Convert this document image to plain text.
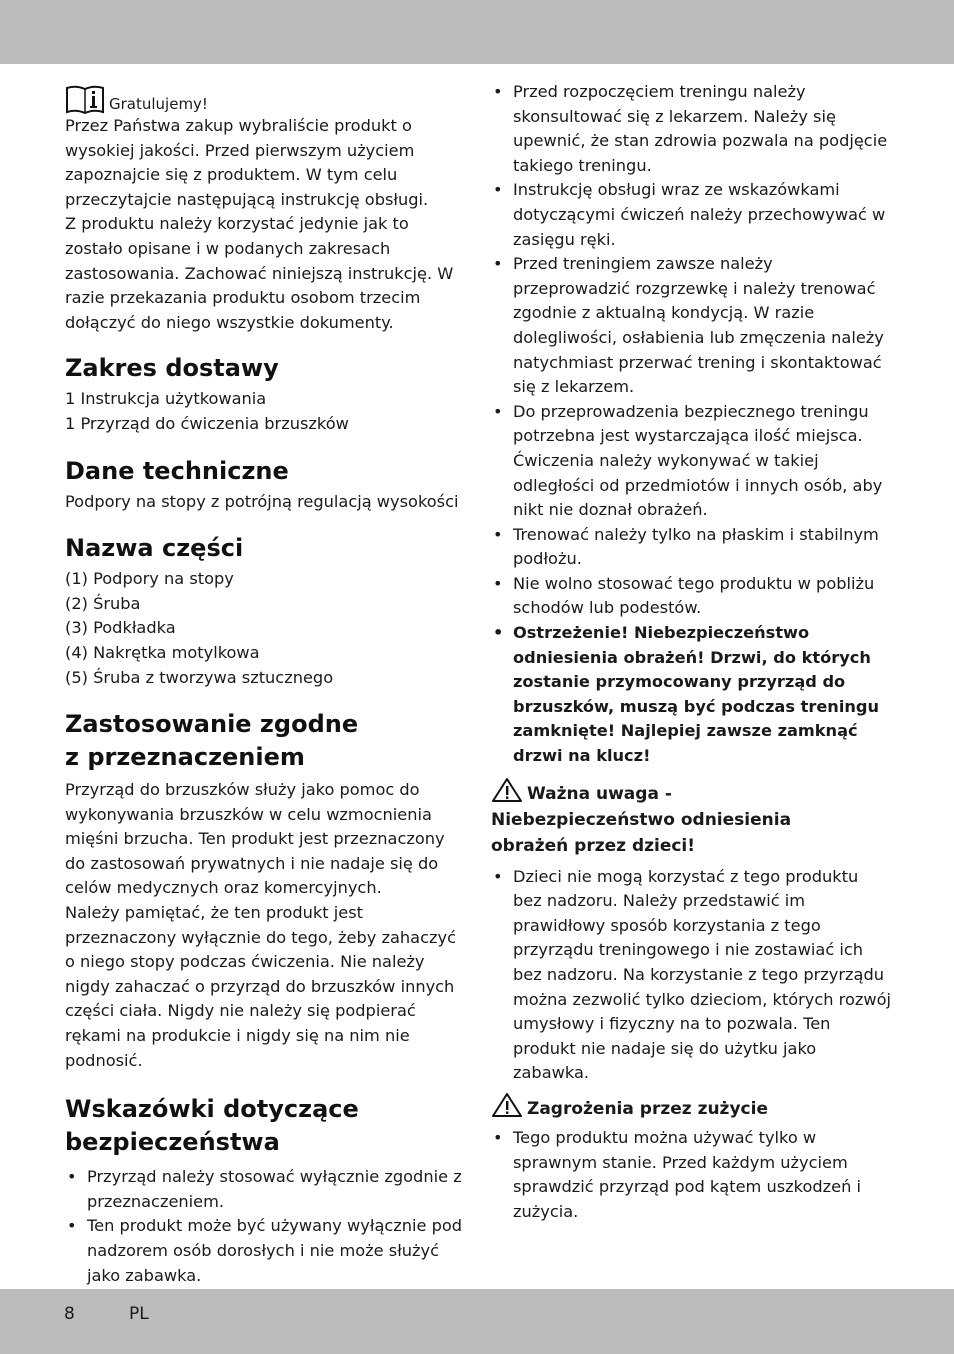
Gratulujemy!

Przez Państwa zakup wybraliście produkt o wysokiej jakości. Przed pierwszym użyciem zapoznajcie się z produktem. W tym celu przeczytajcie następującą instrukcję obsługi.

Z produktu należy korzystać jedynie jak to zostało opisane i w podanych zakresach zastosowania. Zachować niniejszą instrukcję. W razie przekazania produktu osobom trzecim dołączyć do niego wszystkie dokumenty.

Zakres dostawy

1 Instrukcja użytkowania

1 Przyrząd do ćwiczenia brzuszków

Dane techniczne

Podpory na stopy z potrójną regulacją wysokości

Nazwa części

(1) Podpory na stopy

(2) Śruba

(3) Podkładka

(4) Nakrętka motylkowa

(5) Śruba z tworzywa sztucznego

Zastosowanie zgodne
z przeznaczeniem

Przyrząd do brzuszków służy jako pomoc do wykonywania brzuszków w celu wzmocnienia mięśni brzucha. Ten produkt jest przeznaczony do zastosowań prywatnych i nie nadaje się do celów medycznych oraz komercyjnych.

Należy pamiętać, że ten produkt jest przeznaczony wyłącznie do tego, żeby zahaczyć o niego stopy podczas ćwiczenia. Nie należy nigdy zahaczać o przyrząd do brzuszków innych części ciała. Nigdy nie należy się podpierać rękami na produkcie i nigdy się na nim nie podnosić.

Wskazówki dotyczące
bezpieczeństwa
• Przyrząd należy stosować wyłącznie zgodnie z przeznaczeniem.
• Ten produkt może być używany wyłącznie pod nadzorem osób dorosłych i nie może służyć jako zabawka.
• Przed rozpoczęciem treningu należy skonsultować się z lekarzem. Należy się upewnić, że stan zdrowia pozwala na podjęcie takiego treningu.
• Instrukcję obsługi wraz ze wskazówkami dotyczącymi ćwiczeń należy przechowywać w zasięgu ręki.
• Przed treningiem zawsze należy przeprowadzić rozgrzewkę i należy trenować zgodnie z aktualną kondycją. W razie dolegliwości, osłabienia lub zmęczenia należy natychmiast przerwać trening i skontaktować się z lekarzem.
• Do przeprowadzenia bezpiecznego treningu potrzebna jest wystarczająca ilość miejsca. Ćwiczenia należy wykonywać w takiej odległości od przedmiotów i innych osób, aby nikt nie doznał obrażeń.
• Trenować należy tylko na płaskim i stabilnym podłożu.
• Nie wolno stosować tego produktu w pobliżu schodów lub podestów.
• Ostrzeżenie! Niebezpieczeństwo odniesienia obrażeń! Drzwi, do których zostanie przymocowany przyrząd do brzuszków, muszą być podczas treningu zamknięte! Najlepiej zawsze zamknąć drzwi na klucz!
Ważna uwaga -
Niebezpieczeństwo odniesienia
obrażeń przez dzieci!
• Dzieci nie mogą korzystać z tego produktu bez nadzoru. Należy przedstawić im prawidłowy sposób korzystania z tego przyrządu treningowego i nie zostawiać ich bez nadzoru. Na korzystanie z tego przyrządu można zezwolić tylko dzieciom, których rozwój umysłowy i fizyczny na to pozwala. Ten produkt nie nadaje się do użytku jako zabawka.
Zagrożenia przez zużycie
• Tego produktu można używać tylko w sprawnym stanie. Przed każdym użyciem sprawdzić przyrząd pod kątem uszkodzeń i zużycia.
8	PL
